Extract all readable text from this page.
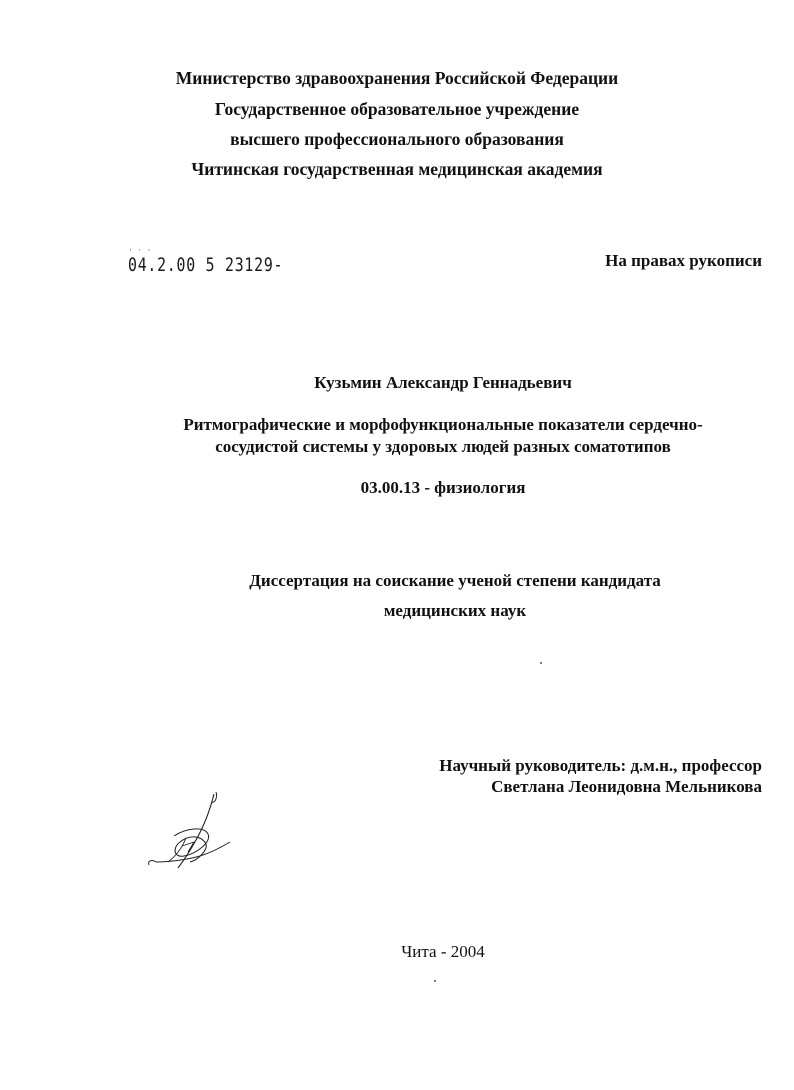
Министерство здравоохранения Российской Федерации
Государственное образовательное учреждение
высшего профессионального образования
Читинская государственная медицинская академия
· · ·
04.2.00 5 23129-	На правах рукописи
Кузьмин Александр Геннадьевич
Ритмографические и морфофункциональные показатели сердечно-
сосудистой системы у здоровых людей разных соматотипов
03.00.13 - физиология
Диссертация на соискание ученой степени кандидата
медицинских наук
Научный руководитель: д.м.н., профессор
Светлана Леонидовна Мельникова
Чита - 2004
